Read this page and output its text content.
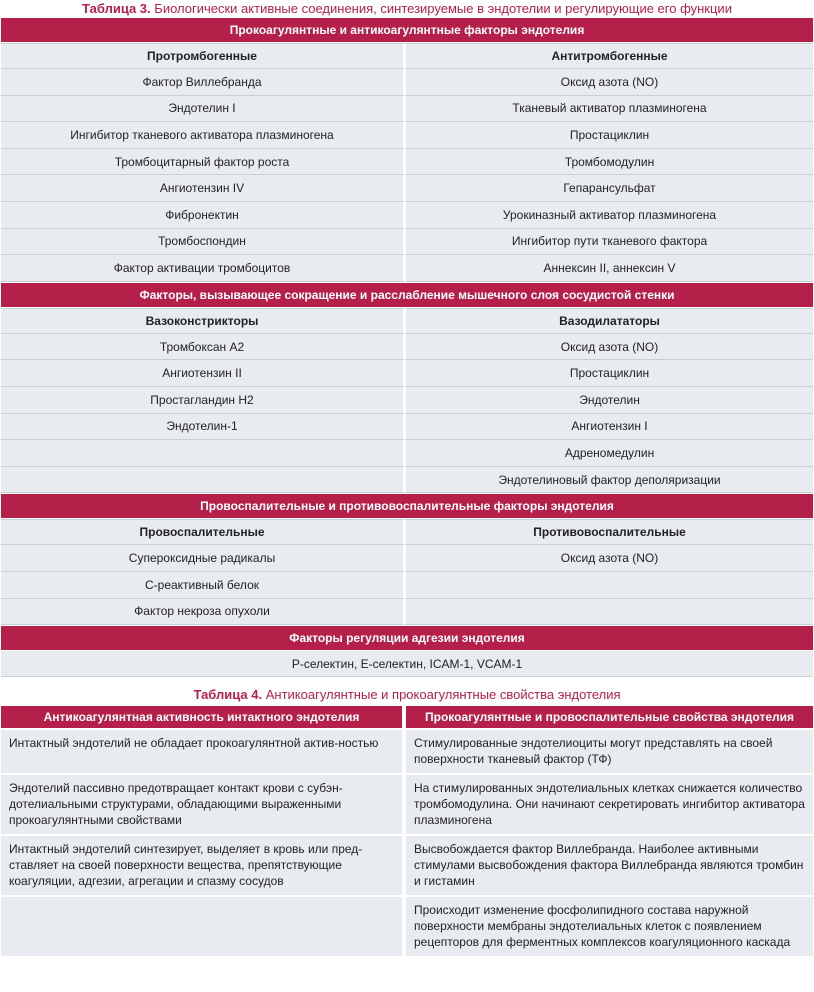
Таблица 3. Биологически активные соединения, синтезируемые в эндотелии и регулирующие его функции
Прокоагулянтные и антикоагулянтные факторы эндотелия	
Протромбогенные	Антитромбогенные
Фактор Виллебранда	Оксид азота (NO)
Эндотелин I	Тканевый активатор плазминогена
Ингибитор тканевого активатора плазминогена	Простациклин
Тромбоцитарный фактор роста	Тромбомодулин
Ангиотензин IV	Гепарансульфат
Фибронектин	Урокиназный активатор плазминогена
Тромбоспондин	Ингибитор пути тканевого фактора
Фактор активации тромбоцитов	Аннексин II, аннексин V
Факторы, вызывающее сокращение и расслабление мышечного слоя сосудистой стенки	
Вазоконстрикторы	Вазодилататоры
Тромбоксан А2	Оксид азота (NO)
Ангиотензин II	Простациклин
Простагландин Н2	Эндотелин
Эндотелин-1	Ангиотензин I
	Адреномедулин
	Эндотелиновый фактор деполяризации
Провоспалительные и противовоспалительные факторы эндотелия	
Провоспалительные	Противовоспалительные
Супероксидные радикалы	Оксид азота (NO)
С-реактивный белок	
Фактор некроза опухоли	
Факторы регуляции адгезии эндотелия	
Р-селектин, Е-селектин, ICAM-1, VCAM-1	
Таблица 4. Антикоагулянтные и прокоагулянтные свойства эндотелия
Антикоагулянтная активность интактного эндотелия	Прокоагулянтные и провоспалительные свойства эндотелия
Интактный эндотелий не обладает прокоагулянтной актив-ностью	Стимулированные эндотелиоциты могут представлять на своей поверхности тканевый фактор (ТФ)
Эндотелий пассивно предотвращает контакт крови с субэн-дотелиальными структурами, обладающими выраженными прокоагулянтными свойствами	На стимулированных эндотелиальных клетках снижается количество тромбомодулина. Они начинают секретировать ингибитор активатора плазминогена
Интактный эндотелий синтезирует, выделяет в кровь или пред-ставляет на своей поверхности вещества, препятствующие коагуляции, адгезии, агрегации и спазму сосудов	Высвобождается фактор Виллебранда. Наиболее активными стимулами высвобождения фактора Виллебранда являются тромбин и гистамин
	Происходит изменение фосфолипидного состава наружной поверхности мембраны эндотелиальных клеток с появлением рецепторов для ферментных комплексов коагуляционного каскада
